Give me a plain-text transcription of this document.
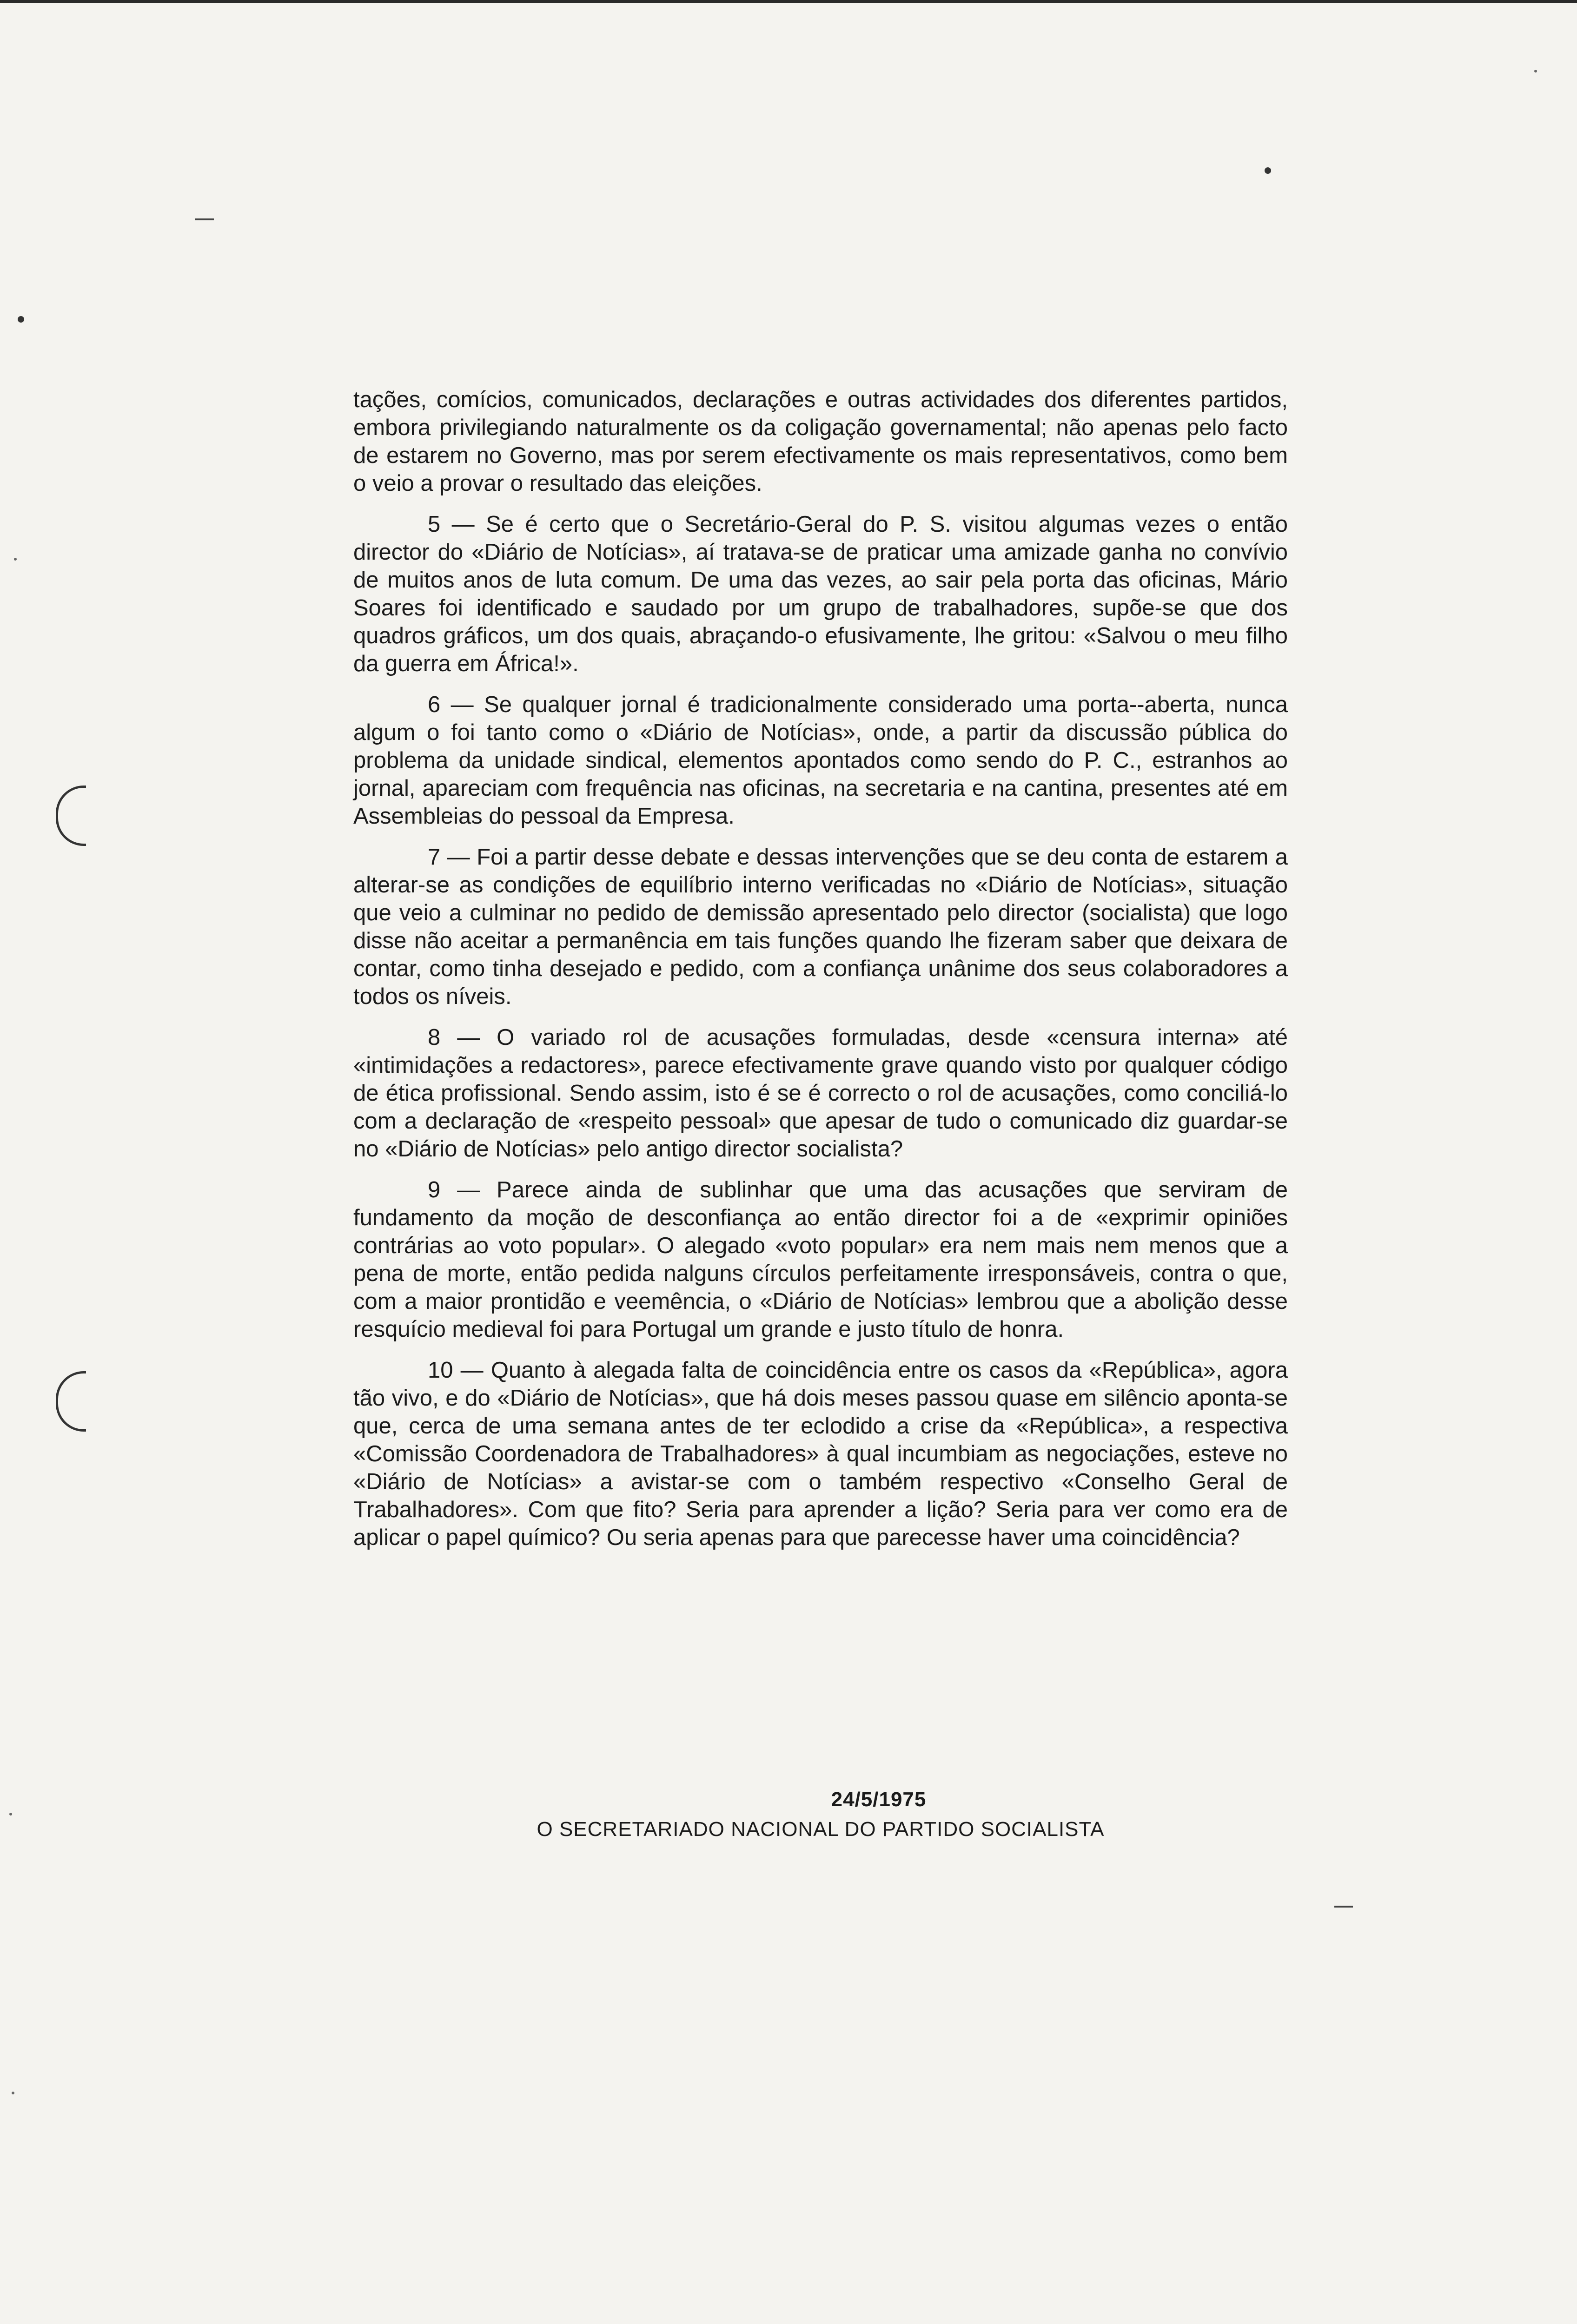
tações, comícios, comunicados, declarações e outras actividades dos diferentes partidos, embora privilegiando naturalmente os da coligação governamental; não apenas pelo facto de estarem no Governo, mas por serem efectivamente os mais representativos, como bem o veio a provar o resultado das eleições.

5 — Se é certo que o Secretário-Geral do P. S. visitou algumas vezes o então director do «Diário de Notícias», aí tratava-se de praticar uma amizade ganha no convívio de muitos anos de luta comum. De uma das vezes, ao sair pela porta das oficinas, Mário Soares foi identificado e saudado por um grupo de trabalhadores, supõe-se que dos quadros gráficos, um dos quais, abraçando-o efusivamente, lhe gritou: «Salvou o meu filho da guerra em África!».

6 — Se qualquer jornal é tradicionalmente considerado uma porta--aberta, nunca algum o foi tanto como o «Diário de Notícias», onde, a partir da discussão pública do problema da unidade sindical, elementos apontados como sendo do P. C., estranhos ao jornal, apareciam com frequência nas oficinas, na secretaria e na cantina, presentes até em Assembleias do pessoal da Empresa.

7 — Foi a partir desse debate e dessas intervenções que se deu conta de estarem a alterar-se as condições de equilíbrio interno verificadas no «Diário de Notícias», situação que veio a culminar no pedido de demissão apresentado pelo director (socialista) que logo disse não aceitar a permanência em tais funções quando lhe fizeram saber que deixara de contar, como tinha desejado e pedido, com a confiança unânime dos seus colaboradores a todos os níveis.

8 — O variado rol de acusações formuladas, desde «censura interna» até «intimidações a redactores», parece efectivamente grave quando visto por qualquer código de ética profissional. Sendo assim, isto é se é correcto o rol de acusações, como conciliá-lo com a declaração de «respeito pessoal» que apesar de tudo o comunicado diz guardar-se no «Diário de Notícias» pelo antigo director socialista?

9 — Parece ainda de sublinhar que uma das acusações que serviram de fundamento da moção de desconfiança ao então director foi a de «exprimir opiniões contrárias ao voto popular». O alegado «voto popular» era nem mais nem menos que a pena de morte, então pedida nalguns círculos perfeitamente irresponsáveis, contra o que, com a maior prontidão e veemência, o «Diário de Notícias» lembrou que a abolição desse resquício medieval foi para Portugal um grande e justo título de honra.

10 — Quanto à alegada falta de coincidência entre os casos da «República», agora tão vivo, e do «Diário de Notícias», que há dois meses passou quase em silêncio aponta-se que, cerca de uma semana antes de ter eclodido a crise da «República», a respectiva «Comissão Coordenadora de Trabalhadores» à qual incumbiam as negociações, esteve no «Diário de Notícias» a avistar-se com o também respectivo «Conselho Geral de Trabalhadores». Com que fito? Seria para aprender a lição? Seria para ver como era de aplicar o papel químico? Ou seria apenas para que parecesse haver uma coincidência?

24/5/1975
O SECRETARIADO NACIONAL DO PARTIDO SOCIALISTA
